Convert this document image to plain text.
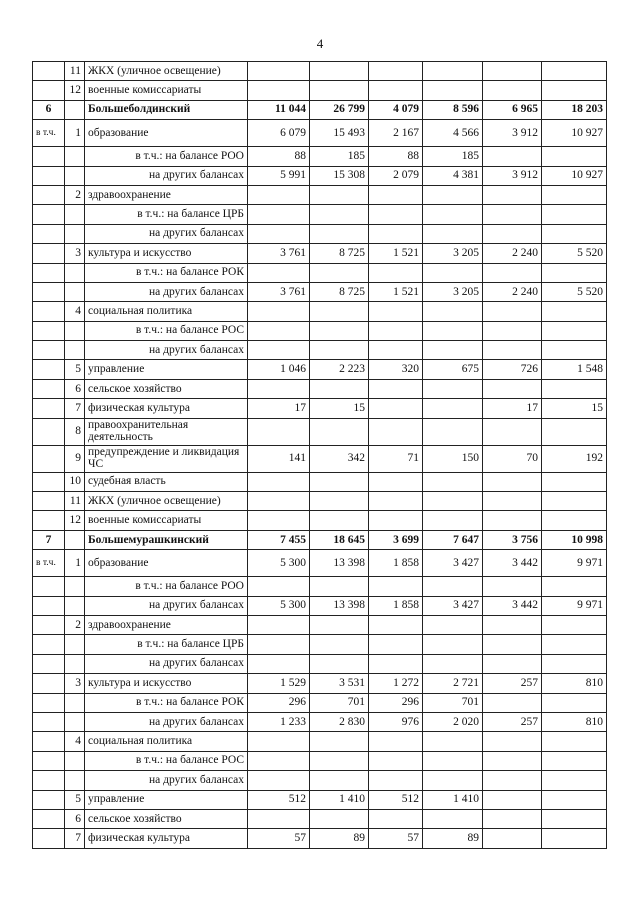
4
	11	ЖКХ (уличное освещение)						
	12	военные комиссариаты						
6		Большеболдинский	11 044	26 799	4 079	8 596	6 965	18 203
в т.ч.	1	образование	6 079	15 493	2 167	4 566	3 912	10 927
		в т.ч.: на балансе РОО	88	185	88	185		
		на других балансах	5 991	15 308	2 079	4 381	3 912	10 927
	2	здравоохранение						
		в т.ч.: на балансе ЦРБ						
		на других балансах						
	3	культура и искусство	3 761	8 725	1 521	3 205	2 240	5 520
		в т.ч.: на балансе РОК						
		на других балансах	3 761	8 725	1 521	3 205	2 240	5 520
	4	социальная политика						
		в т.ч.: на балансе РОС						
		на других балансах						
	5	управление	1 046	2 223	320	675	726	1 548
	6	сельское хозяйство						
	7	физическая культура	17	15			17	15
	8	правоохранительная деятельность						
	9	предупреждение и ликвидация ЧС	141	342	71	150	70	192
	10	судебная власть						
	11	ЖКХ (уличное освещение)						
	12	военные комиссариаты						
7		Большемурашкинский	7 455	18 645	3 699	7 647	3 756	10 998
в т.ч.	1	образование	5 300	13 398	1 858	3 427	3 442	9 971
		в т.ч.: на балансе РОО						
		на других балансах	5 300	13 398	1 858	3 427	3 442	9 971
	2	здравоохранение						
		в т.ч.: на балансе ЦРБ						
		на других балансах						
	3	культура и искусство	1 529	3 531	1 272	2 721	257	810
		в т.ч.: на балансе РОК	296	701	296	701		
		на других балансах	1 233	2 830	976	2 020	257	810
	4	социальная политика						
		в т.ч.: на балансе РОС						
		на других балансах						
	5	управление	512	1 410	512	1 410		
	6	сельское хозяйство						
	7	физическая культура	57	89	57	89		
